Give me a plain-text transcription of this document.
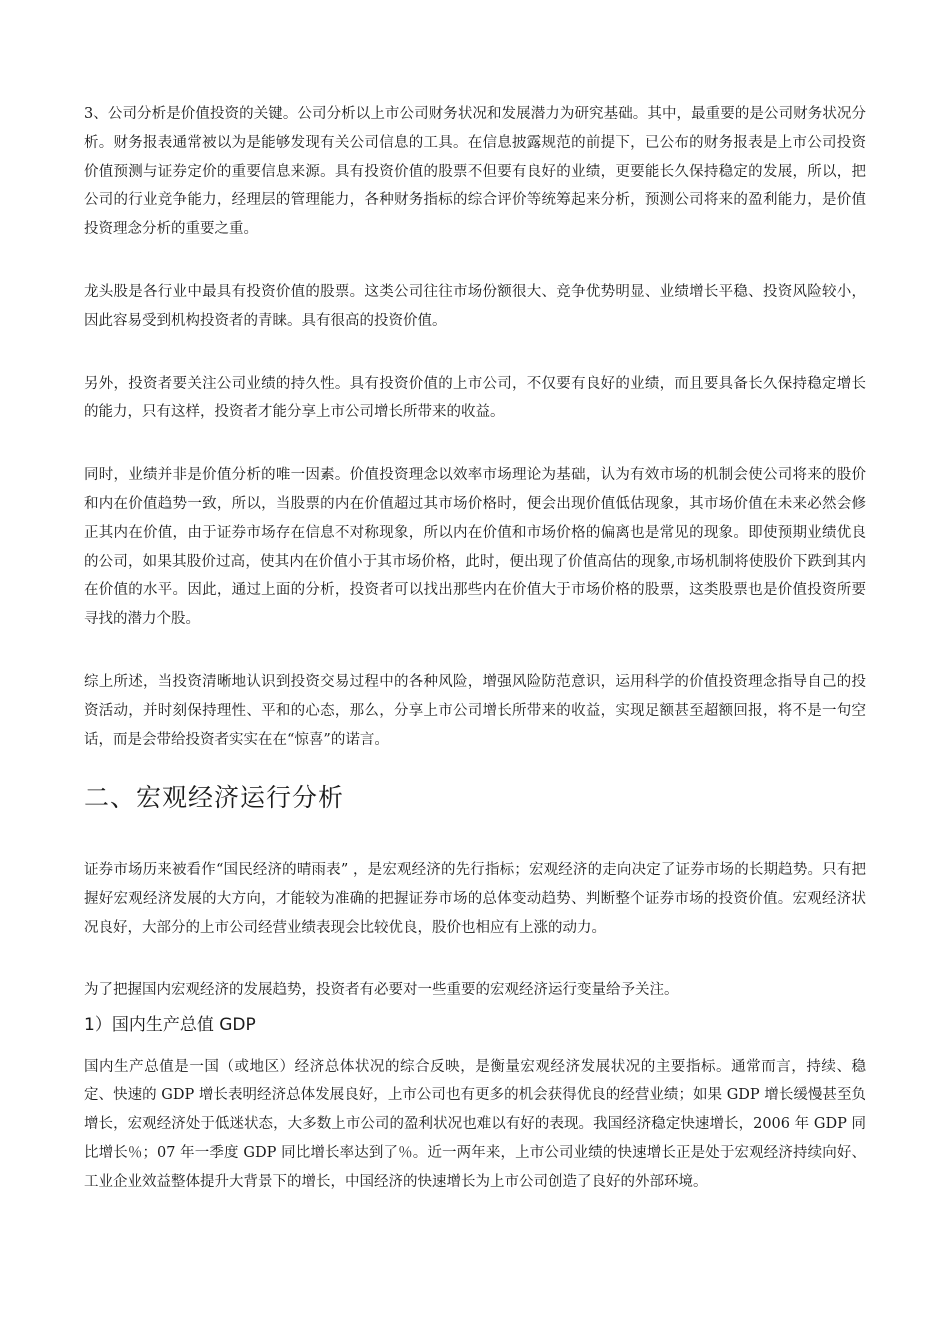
3、公司分析是价值投资的关键。公司分析以上市公司财务状况和发展潜力为研究基础。其中，最重要的是公司财务状况分析。财务报表通常被以为是能够发现有关公司信息的工具。在信息披露规范的前提下，已公布的财务报表是上市公司投资价值预测与证券定价的重要信息来源。具有投资价值的股票不但要有良好的业绩，更要能长久保持稳定的发展，所以，把公司的行业竞争能力，经理层的管理能力，各种财务指标的综合评价等统筹起来分析，预测公司将来的盈利能力，是价值投资理念分析的重要之重。

龙头股是各行业中最具有投资价值的股票。这类公司往往市场份额很大、竞争优势明显、业绩增长平稳、投资风险较小，因此容易受到机构投资者的青睐。具有很高的投资价值。

另外，投资者要关注公司业绩的持久性。具有投资价值的上市公司，不仅要有良好的业绩，而且要具备长久保持稳定增长的能力，只有这样，投资者才能分享上市公司增长所带来的收益。

同时，业绩并非是价值分析的唯一因素。价值投资理念以效率市场理论为基础，认为有效市场的机制会使公司将来的股价和内在价值趋势一致，所以，当股票的内在价值超过其市场价格时，便会出现价值低估现象，其市场价值在未来必然会修正其内在价值，由于证券市场存在信息不对称现象，所以内在价值和市场价格的偏离也是常见的现象。即使预期业绩优良的公司，如果其股价过高，使其内在价值小于其市场价格，此时，便出现了价值高估的现象,市场机制将使股价下跌到其内在价值的水平。因此，通过上面的分析，投资者可以找出那些内在价值大于市场价格的股票，这类股票也是价值投资所要寻找的潜力个股。

综上所述，当投资清晰地认识到投资交易过程中的各种风险，增强风险防范意识，运用科学的价值投资理念指导自己的投资活动，并时刻保持理性、平和的心态，那么，分享上市公司增长所带来的收益，实现足额甚至超额回报，将不是一句空话，而是会带给投资者实实在在“惊喜”的诺言。

二、宏观经济运行分析

证券市场历来被看作“国民经济的晴雨表” ，是宏观经济的先行指标；宏观经济的走向决定了证券市场的长期趋势。只有把握好宏观经济发展的大方向，才能较为准确的把握证券市场的总体变动趋势、判断整个证券市场的投资价值。宏观经济状况良好，大部分的上市公司经营业绩表现会比较优良，股价也相应有上涨的动力。

为了把握国内宏观经济的发展趋势，投资者有必要对一些重要的宏观经济运行变量给予关注。

1）国内生产总值 GDP

国内生产总值是一国（或地区）经济总体状况的综合反映，是衡量宏观经济发展状况的主要指标。通常而言，持续、稳定、快速的 GDP 增长表明经济总体发展良好，上市公司也有更多的机会获得优良的经营业绩；如果 GDP 增长缓慢甚至负增长，宏观经济处于低迷状态，大多数上市公司的盈利状况也难以有好的表现。我国经济稳定快速增长，2006 年 GDP 同比增长％；07 年一季度 GDP 同比增长率达到了％。近一两年来，上市公司业绩的快速增长正是处于宏观经济持续向好、工业企业效益整体提升大背景下的增长，中国经济的快速增长为上市公司创造了良好的外部环境。
